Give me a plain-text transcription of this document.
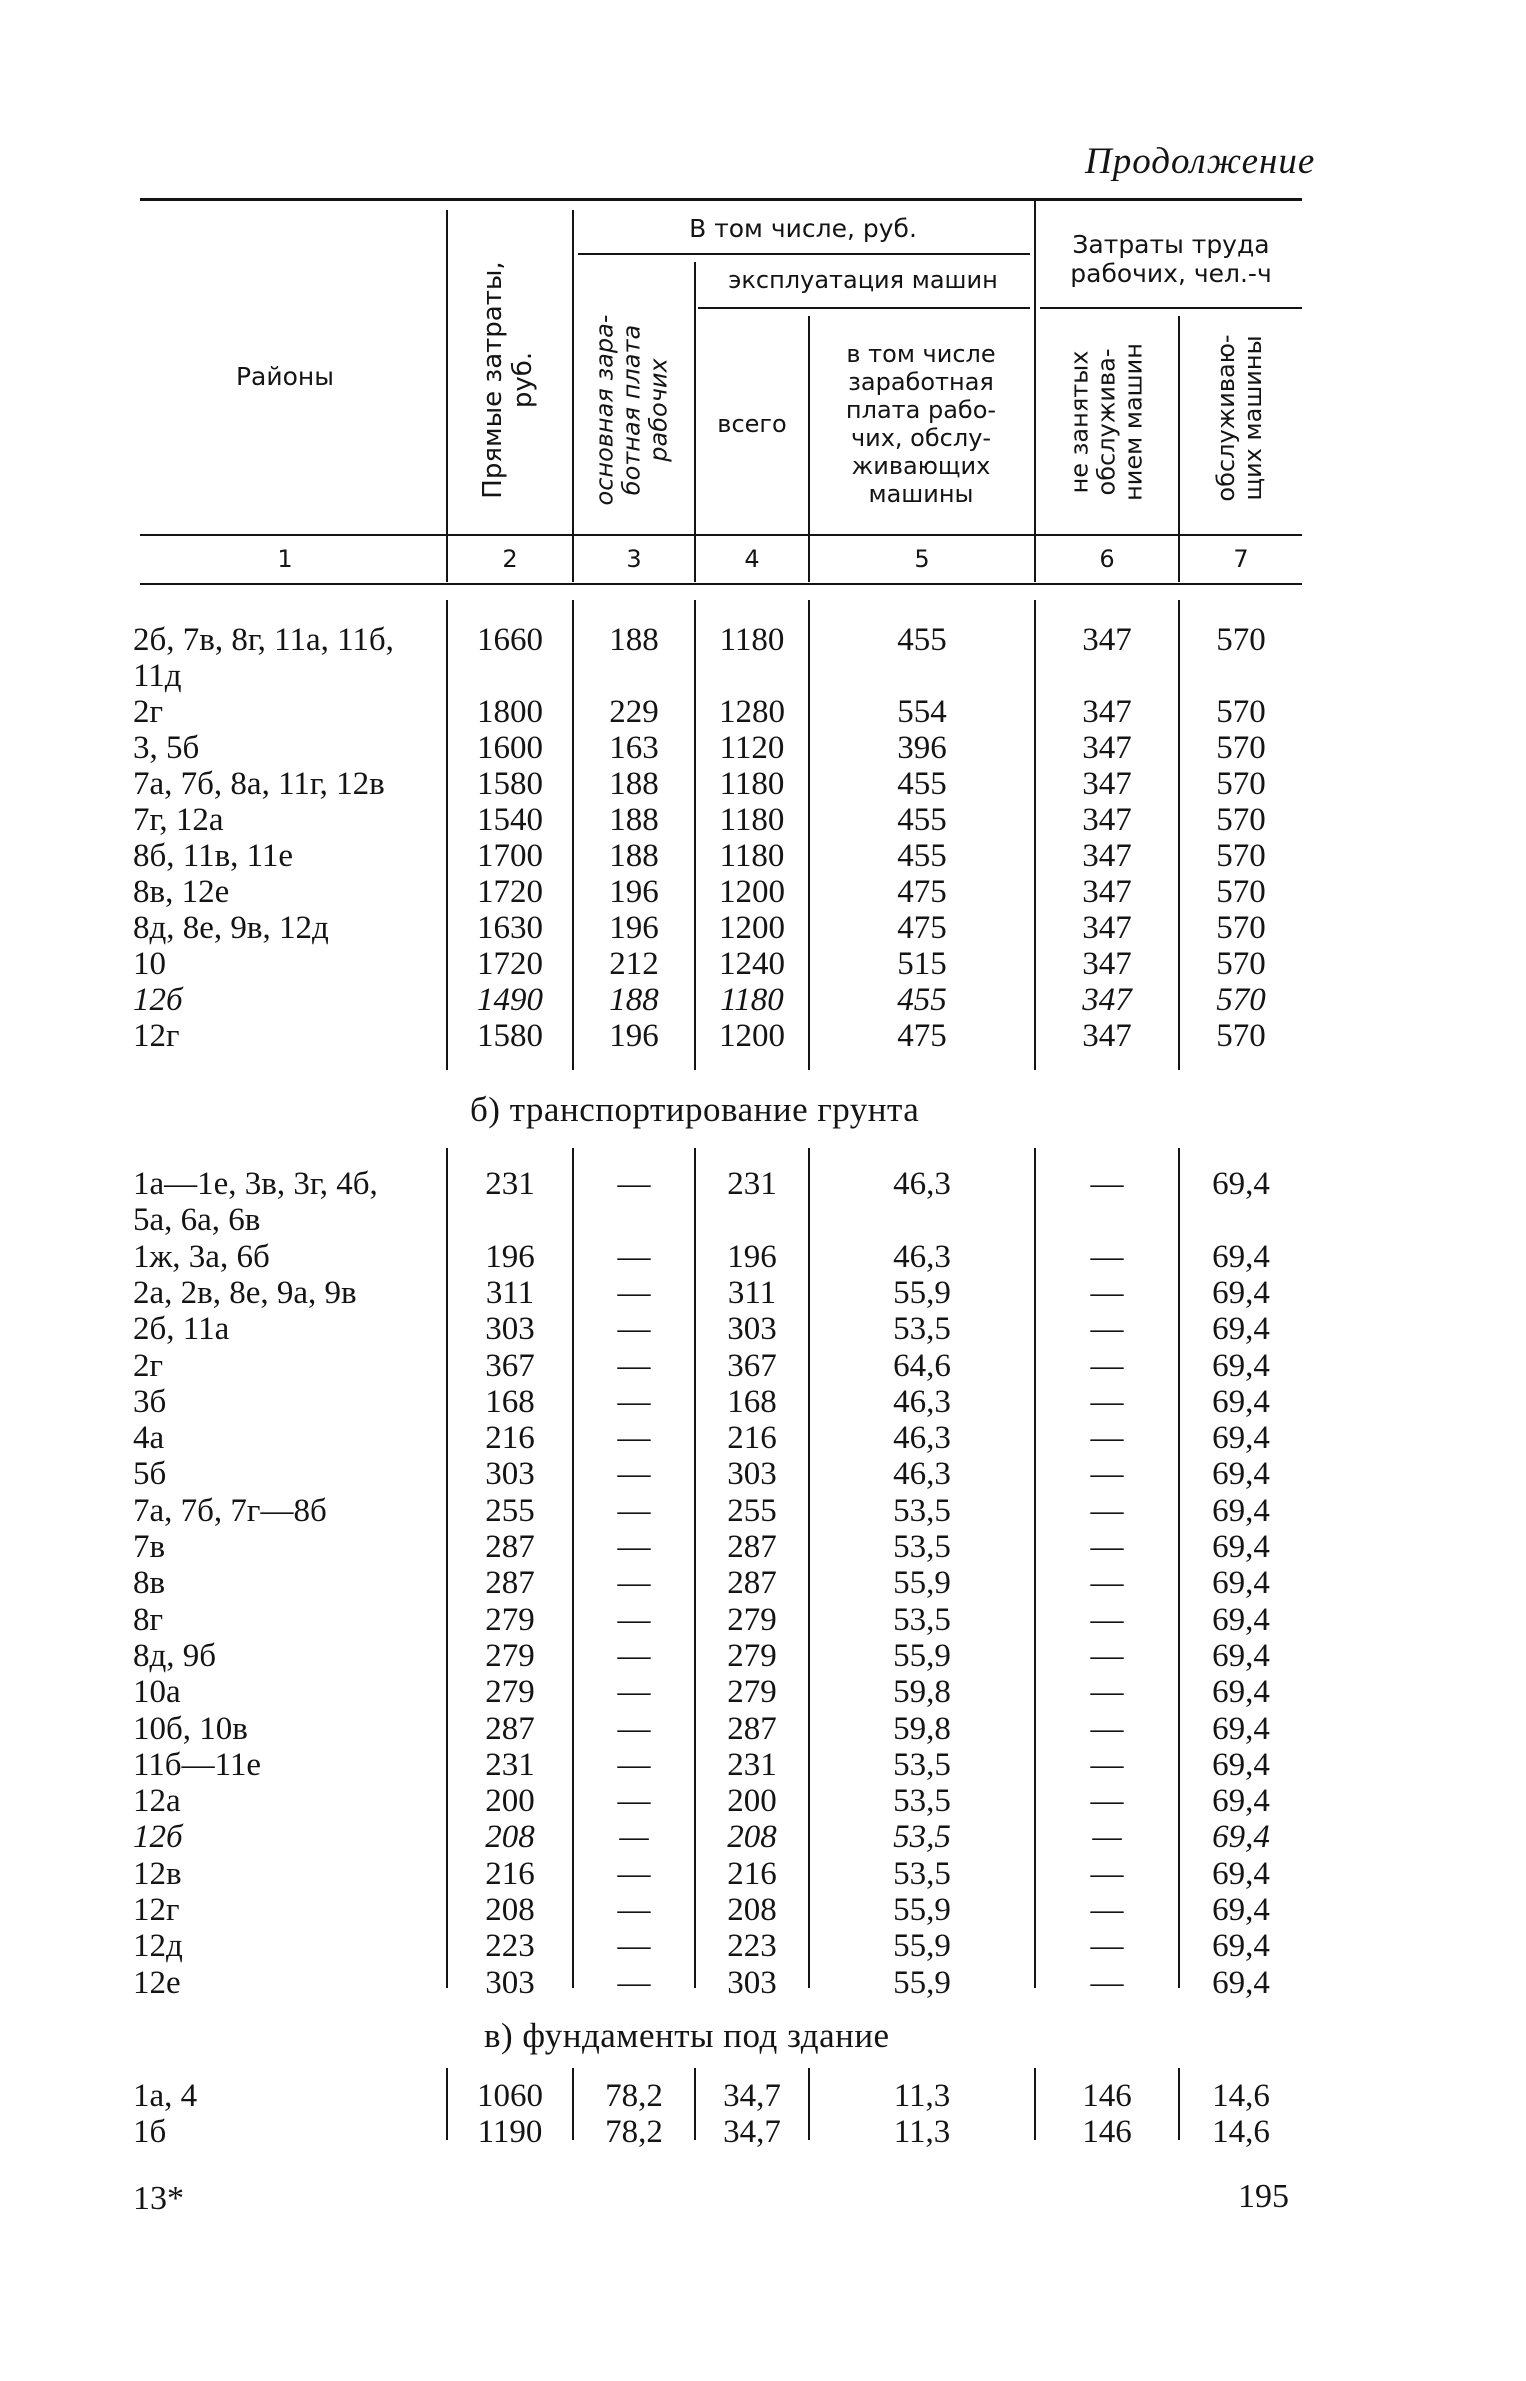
Продолжение
Районы	Прямые затраты, руб.
В том числе, руб.
основная зара- ботная плата рабочих
эксплуатация машин
всего
в том числе
заработная
плата рабо-
чих, обслу-
живающих
машины
Затраты труда
рабочих, чел.-ч
не занятых обслужива- нием машин	обслуживаю- щих машины
1	2	3	4	5	6	7
2б, 7в, 8г, 11а, 11б,	1660	188	1180	455	347	570
11д
2г	1800	229	1280	554	347	570
3, 5б	1600	163	1120	396	347	570
7а, 7б, 8а, 11г, 12в	1580	188	1180	455	347	570
7г, 12а	1540	188	1180	455	347	570
8б, 11в, 11е	1700	188	1180	455	347	570
8в, 12е	1720	196	1200	475	347	570
8д, 8е, 9в, 12д	1630	196	1200	475	347	570
10	1720	212	1240	515	347	570
12б	1490	188	1180	455	347	570
12г	1580	196	1200	475	347	570
б) транспортирование грунта
1а—1е, 3в, 3г, 4б,	231	—	231	46,3	—	69,4
5а, 6а, 6в
1ж, 3а, 6б	196	—	196	46,3	—	69,4
2а, 2в, 8е, 9а, 9в	311	—	311	55,9	—	69,4
2б, 11а	303	—	303	53,5	—	69,4
2г	367	—	367	64,6	—	69,4
3б	168	—	168	46,3	—	69,4
4а	216	—	216	46,3	—	69,4
5б	303	—	303	46,3	—	69,4
7а, 7б, 7г—8б	255	—	255	53,5	—	69,4
7в	287	—	287	53,5	—	69,4
8в	287	—	287	55,9	—	69,4
8г	279	—	279	53,5	—	69,4
8д, 9б	279	—	279	55,9	—	69,4
10а	279	—	279	59,8	—	69,4
10б, 10в	287	—	287	59,8	—	69,4
11б—11е	231	—	231	53,5	—	69,4
12а	200	—	200	53,5	—	69,4
12б	208	—	208	53,5	—	69,4
12в	216	—	216	53,5	—	69,4
12г	208	—	208	55,9	—	69,4
12д	223	—	223	55,9	—	69,4
12е	303	—	303	55,9	—	69,4
в) фундаменты под здание
1а, 4	1060	78,2	34,7	11,3	146	14,6
1б	1190	78,2	34,7	11,3	146	14,6
13*	195
